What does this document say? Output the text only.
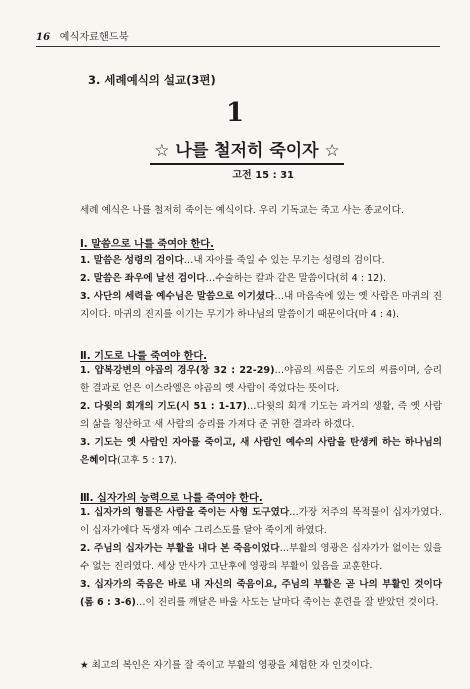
16 예식자료핸드북
3. 세례예식의 설교(3편)
1
☆ 나를 철저히 죽이자 ☆
고전 15 : 31
세례 예식은 나를 철저히 죽이는 예식이다. 우리 기독교는 죽고 사는 종교이다.
Ⅰ. 말씀으로 나를 죽여야 한다.

1. 말씀은 성령의 검이다…내 자아를 죽일 수 있는 무기는 성령의 검이다.

2. 말씀은 좌우에 날선 검이다…수술하는 칼과 같은 말씀이다(히 4 : 12).

3. 사단의 세력을 예수님은 말씀으로 이기셨다…내 마음속에 있는 옛 사람은 마귀의 진지이다. 마귀의 진지를 이기는 무기가 하나님의 말씀이기 때문이다(마 4 : 4).

Ⅱ. 기도로 나를 죽여야 한다.

1. 얍복강변의 야곱의 경우(창 32 : 22-29)…야곱의 씨름은 기도의 씨름이며, 승리한 결과로 얻은 이스라엘은 야곱의 옛 사람이 죽었다는 뜻이다.

2. 다윗의 회개의 기도(시 51 : 1-17)…다윗의 회개 기도는 과거의 생활, 즉 옛 사람의 삶을 청산하고 새 사람의 승리를 가져다 준 귀한 결과라 하겠다.

3. 기도는 옛 사람인 자아를 죽이고, 새 사람인 예수의 사람을 탄생케 하는 하나님의 은혜이다(고후 5 : 17).

Ⅲ. 십자가의 능력으로 나를 죽여야 한다.

1. 십자가의 형틀은 사람을 죽이는 사형 도구였다…가장 저주의 목적물이 십자가였다. 이 십자가에다 독생자 예수 그리스도를 달아 죽이게 하였다.

2. 주님의 십자가는 부활을 내다 본 죽음이었다…부활의 영광은 십자가가 없이는 있을 수 없는 진리였다. 세상 만사가 고난후에 영광의 부활이 있음을 교훈한다.

3. 십자가의 죽음은 바로 내 자신의 죽음이요, 주님의 부활은 곧 나의 부활인 것이다(롬 6 : 3-6)…이 진리를 깨달은 바울 사도는 날마다 죽이는 훈련을 잘 받았던 것이다.

★ 최고의 복인은 자기를 잘 죽이고 부활의 영광을 체험한 자 인것이다.
